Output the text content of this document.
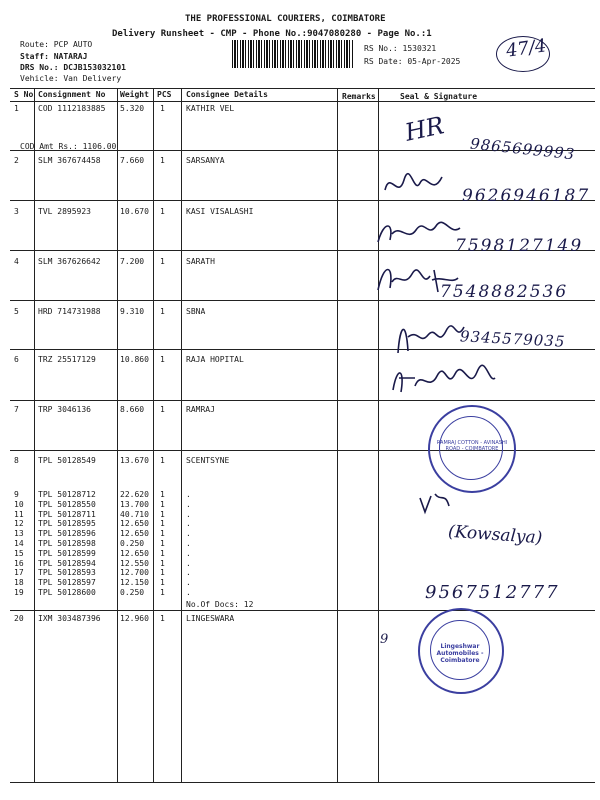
THE PROFESSIONAL COURIERS, COIMBATORE
Delivery Runsheet - CMP - Phone No.:9047080280 - Page No.:1
Route: PCP AUTO
Staff: NATARAJ
DRS No.: DCJB153032101
Vehicle: Van Delivery
RS No.: 1530321
RS Date: 05-Apr-2025 47/4
S No Consignment No Weight PCS Consignee Details	Remarks	Seal & Signature
1 COD 1112183885 5.320 1	KATHIR VEL
COD Amt Rs.: 1106.00
2 SLM 367674458 7.660 1	SARSANYA
3 TVL 2895923	10.670 1	KASI VISALASHI
4 SLM 367626642 7.200 1	SARATH
5 HRD 714731988 9.310 1	SBNA
6 TRZ 25517129	10.860 1	RAJA HOPITAL
7 TRP 3046136	8.660 1	RAMRAJ
8 TPL 50128549	13.670 1	SCENTSYNE
9 TPL 50128712	22.620 1	.
10 TPL 50128550	13.700 1	.
11 TPL 50128711	40.710 1	.
12 TPL 50128595	12.650 1	.
13 TPL 50128596	12.650 1	.
14 TPL 50128598	0.250 1	.
15 TPL 50128599	12.650 1	.
16 TPL 50128594	12.550 1	.
17 TPL 50128593	12.700 1	.
18 TPL 50128597	12.150 1	.
19 TPL 50128600	0.250 1	.
No.Of Docs: 12
20 IXM 303487396 12.960 1	LINGESWARA
HR
9865699993
9626946187
7598127149
7548882536
9345579035
(Kowsalya)
9567512777
9
RAMRAJ COTTON - AVINASHI ROAD - COIMBATORE
Lingeshwar Automobiles - Coimbatore
